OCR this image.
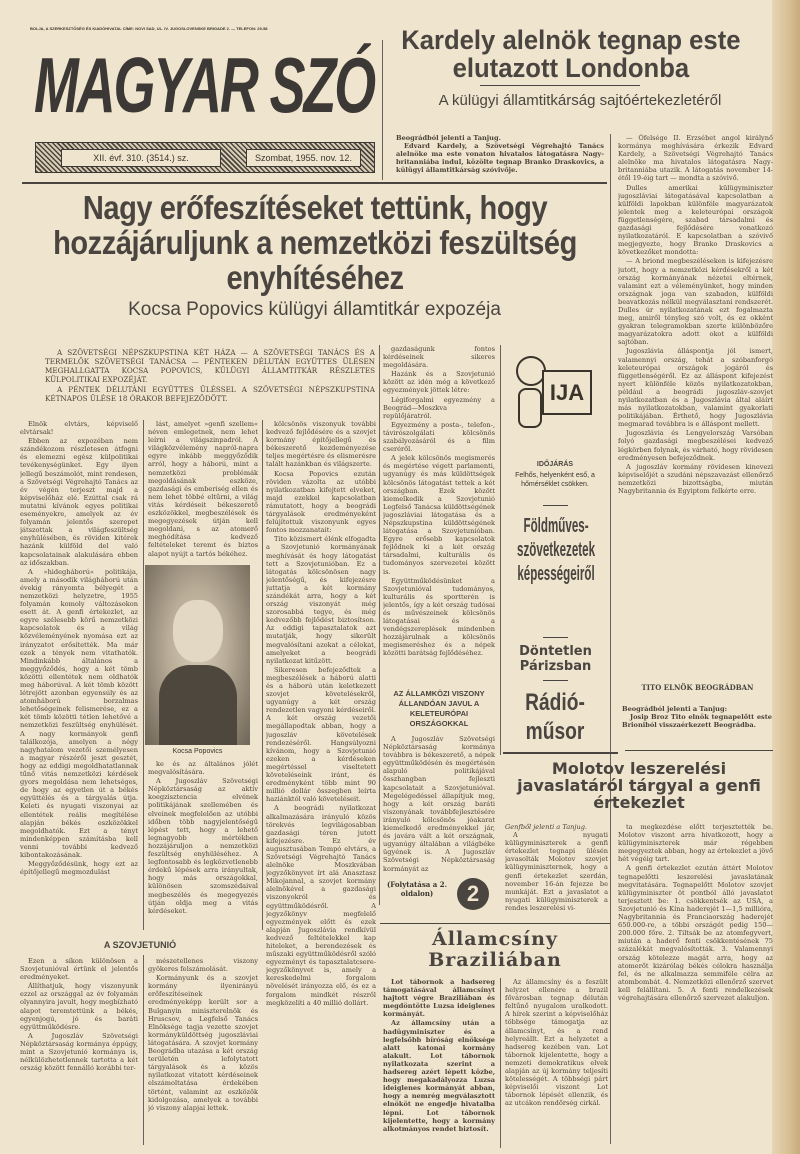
BOLJA, A SZERKESZTŐSÉG ÉS KIADÓHIVATAL CÍME: NOVI SAD, UL. IV. JUGOSLOVENSKE BRIGADE 2. — TELEFON: 29-58
MAGYAR SZÓ
XII. évf. 310. (3514.) sz.	Szombat, 1955. nov. 12.
Kardely alelnök tegnap este elutazott Londonba
A külügyi államtitkárság sajtóértekezletéről
Beográdból jelenti a Tanjug.

Edvard Kardely, a Szövetségi Végrehajtó Tanács alelnöke ma este vonaton hivatalos látogatásra Nagy-britanniába indul, közölte tegnap Branko Draskovics, a külügyi államtitkárság szóvivője.

— Őfelsége II. Erzsébet angol királynő kormánya meghívására érkezik Edvard Kardely, a Szövetségi Végrehajtó Tanács alelnöke ma hivatalos látogatásra Nagy-britanniába utazik. A látogatás november 14-étől 19-éig tart — mondta a szóvivő.

Dulles amerikai külügyminiszter jugoszláviai látogatásával kapcsolatban a külföldi lapokban különféle magyarázatok jelentek meg a keleteurópai országok függetlenségére, szabad társadalmi és gazdasági fejlődésére vonatkozó nyilatkozatáról. E kapcsolatban a szóvivő megjegyezte, hogy Branko Draskovics a következőket mondotta:

— A briond megbeszéléseken is kifejezésre jutott, hogy a nemzetközi kérdésekről a két ország kormányának nézetei eltérnek, valamint ezt a véleményünket, hogy minden országnak joga van szabadon, külföldi beavatkozás nélkül megválasztani rendszerét. Dulles úr nyilatkozatának ezt fogalmazta meg, amiről tényleg szó volt, és ez okként gyakran telegramokban szerte különbözőre magyarázatokra adott okot a külföldi sajtóban.

Jugoszlávia álláspontja jól ismert, valamennyi ország, tehát a szóbanforgó keleteurópai országok jogáról és függetlenségéről. Ez az álláspont kifejezést nyert különféle közös nyilatkozatokban, például a beográdi jugoszláv-szovjet nyilatkozatban és a Jugoszlávia által aláírt más nyilatkozatokban, valamint gyakorlati politikájában. Érthető, hogy Jugoszlávia megmarad továbbra is e álláspont mellett.

Jugoszlávia és Lengyelország Varsóban folyó gazdasági megbeszélései kedvező légkörben folynak, és várható, hogy rövidesen eredményesen befejeződnek.

A jugoszláv kormány rövidesen kinevezi képviselőjét a szudáni népszavazást ellenőrző nemzetközi bizottságba, miután Nagybritannia és Egyiptom felkérte erre.

Nagy erőfeszítéseket tettünk, hogy hozzájáruljunk a nemzetközi feszültség enyhítéséhez
Kocsa Popovics külügyi államtitkár expozéja

A SZÖVETSÉGI NÉPSZKUPSTINA KÉT HÁZA — A SZÖVETSÉGI TANÁCS ÉS A TERMELŐK SZÖVETSÉGI TANÁCSA — PÉNTEKEN DÉLUTÁN EGYÜTTES ÜLÉSEN MEGHALLGATTA KOCSA POPOVICS, KÜLÜGYI ÁLLAMTITKÁR RÉSZLETES KÜLPOLITIKAI EXPOZÉJÁT.

A PÉNTEK DÉLUTÁNI EGYÜTTES ÜLÉSSEL A SZÖVETSÉGI NÉPSZKUPSTINA KÉTNAPOS ÜLÉSE 18 ÓRAKOR BEFEJEZŐDÖTT.

Elnök elvtárs, képviselő elvtársak!

Ebben az expozéban nem szándékozom részletesen átfogni és elemezni egész külpolitikai tevékenységünket. Egy ilyen jellegű beszámolót, mint rendesen, a Szövetségi Végrehajtó Tanács az év végén terjeszt majd a képviselőház elé. Ezúttal csak rá mutatni kívánok egyes politikai eseményekre, amelyek az év folyamán jelentős szerepet játszottak a világfeszültség enyhülésében, és röviden kitérek hazánk külföld del való kapcsolatainak alakulására ebben az időszakban.

A »hidegháború« politikája, amely a második világháború után évekig rányomta bélyegét a nemzetközi helyzetre, 1955 folyamán komoly változásokon esett át. A genfi értekezlet, az egyre szélesebb körű nemzetközi kapcsolatok és a világ közvéleményének nyomása ezt az irányzatot erősítették. Ma már ezek a tények nem vitathatók. Mindinkább általános a meggyőződés, hogy a két tömb közötti ellentétek nem oldhatók meg háborúval. A két tömb között létrejött azonban egyensúly és az atomháború borzalmas lehetőségeinek felismerése, ez a két tömb közötti tétlen lehetővé a nemzetközi feszültség enyhülését. A nagy kormányok genfi találkozója, amelyen a négy nagyhatalom vezetői személyesen a magyar részéről jeszt gesztét, hogy az eddigi megoldhatatlannak tűnő vitás nemzetközi kérdések gyors megoldása nem lehetséges, de hogy az egyetlen út a békés együttélés és a tárgyalás útja. Keleti és nyugati viszonyai az ellentétek reális megítélése alapján békés eszközökkel megoldhatók. Ezt a tényt mindenképpen számításba kell venni további kedvező kibontakozásának.

Meggyőződésünk, hogy ezt az építőjellegű megmozdulást

lást, amelyet »genfi szellem« néven emlegetnek, nem lehet leírni a világszinpadról. A világközvélemény napról-napra egyre inkább meggyőződik arról, hogy a háború, mint a nemzetközi problémák megoldásának eszköze, gazdasági és emberiség ellen és nem lehet többé eltűrni, a világ vitás kérdéseit békeszerető eszközökkel, megbeszélések és megegyezések útján kell megoldani, s az atomerő meghódítása kedvező feltételeket teremt és biztos alapot nyújt a tartós békéhez.

Kocsa Popovics

ke és az általános jólét megvalósítására.

A Jugoszláv Szövetségi Népköztársaság az aktív koegzisztencia elvének politikájának szellemében és elveinek megfelelően az utóbbi időben több nagyjelentőségű lépést tett, hogy a lehető legnagyobb mértékben hozzájáruljon a nemzetközi feszültség enyhüléséhez. A legfontosabb és legközvetlenebb érdekű lépések arra irányultak, hogy más országokkal, különösen szomszédaival megbeszélés és megegyezés útján oldja meg a vitás kérdéseket.

kölcsönös viszonyuk további kedvező fejlődésére és a szovjet kormány építőjellegű és békeszerető kezdeményezése teljes megértésre és elismerésre talált hazánkban és világszerte.

Kocsa Popovics ezután röviden vázolta az utóbbi nyilatkozatban kifejtett elveket, majd ezekkel kapcsolatban rámutatott, hogy a beográdi tárgyalások eredményeként felújítottuk viszonyunk egyes fontos mozzanatait:

Tito közismert élénk elfogadta a Szovjetunió kormányának meghívását és hogy látogatást tett a Szovjetunióban. Ez a látogatás kölcsönösen nagy jelentőségű, és kifejezésre juttatja a két kormány szándékát arra, hogy a két ország viszonyát még szorosabbá tegye, és még kedvezőbb fejlődést biztosítson. Az eddigi tapasztalatok azt mutatják, hogy sikerült megvalósítani azokat a célokat, amelyeket a beográdi nyilatkozat kitűzött.

Sikeresen befejeződtek a megbeszélések a háború alatti és a háború után keletkezett szovjet követelésekről, ugyanúgy a két ország rendezetlen vagyoni kérdéseiről. A két ország vezetői megállapodtak abban, hogy a jugoszláv követelések rendezéséről. Hangsúlyozni kívánom, hogy a Szovjetunió ezeken a kérdéseken megértéssel viseltetett követeléseink iránt, és eredményként több mint 90 millió dollár összegben leírta haziánktól való követeléseit.

A beográdi nyilatkozat alkalmazására irányuló közös törekvés legvilágosabban gazdasági téren jutott kifejezésre. Ez év augusztusában Tempó elvtárs, a Szövetségi Végrehajtó Tanács alelnöke Moszkvában jegyzőkönyvet írt alá Anasztasz Mikojannal, a szovjet kormány alelnökével a gazdasági viszonyokról és együttműködésről. A jegyzőkönyv megfelelő egyezmények előtt és ezek alapján Jugoszlávia rendkívül kedvező feltételekkel kap hiteleket, a berendezések és műszaki együttműködésről szóló egyezményt és tapasztalatcsere-jegyzőkönyvet is, amely a kereskedelmi forgalom növelését irányozza elő, és ez a forgalom mindkét részről megközelíti a 40 millió dollárt.

gazdaságunk fontos kérdéseinek sikeres megoldására.

Hazánk és a Szovjetunió között az idén még a következő egyezmények jöttek létre:

Légiforgalmi egyezmény a Beográd—Moszkva repülőjáratról.

Egyezmény a posta-, telefon-, távirószolgálati kölcsönös szabályozásáról és a film cseréről.

A jelek kölcsönös megismerés és megértése végett parlamenti, ugyanúgy és más küldöttségek kölcsönös látogatást tettek a két országban. Ezek között kiemelkedik a Szovjetunió Legfelső Tanácsa küldöttségének jugoszláviai látogatása és a Népszkupstina küldöttségének látogatása a Szovjetunióban. Egyre erősebb kapcsolatok fejlődnek ki a két ország társadalmi, kulturális és tudományos szervezetei között is.

Együttműködésünket a Szovjetunióval tudományos, kulturális és sportterén is jelentős, így a két ország tudósai és művészeinek kölcsönös látogatásai és a vendégszereplések mindenben hozzájárulnak a kölcsönös megismeréshez és a népek közötti barátság fejlődéséhez.

AZ ÁLLAMKÖZI VISZONY ÁLLANDÓAN JAVUL A KELETEURÓPAI ORSZÁGOKKAL

A Jugoszláv Szövetségi Népköztársaság kormánya továbbra is békeszerető, a népek együttműködésén és megértésén alapuló politikájával összhangban fejleszti kapcsolatait a Szovjetunióval. Megelégedéssel állapítjuk meg, hogy a két ország baráti viszonyának továbbfejlesztésére irányuló kölcsönös jóakarat kiemelkedő eredményekkel jár, és javára vált a két országnak, ugyanúgy általában a világbéke ügyének is. A Jugoszláv Szövetségi Népköztársaság kormányát az

(Folytatása a 2. oldalon)	2
A SZOVJETUNIÓ

Ezen a síkon különösen a Szovjetunióval értünk el jelentős eredményeket.

Állíthatjuk, hogy viszonyunk ezzel az országgal az év folyamán olyannyira javult, hogy megbízható alapot teremtettünk a békés, egyenjogú, jó és baráti együttműködésre.

A Jugoszláv Szövetségi Népköztársaság kormánya éppúgy, mint a Szovjetunió kormánya is, nélkülözhetetlennek tartotta a két ország között fennálló korábbi ter-

mészetellenes viszony gyökeres felszámolását.

Kormányunk és a szovjet kormány ilyenirányú erőfeszítéseinek eredményeképp került sor a Bulganyin miniszterelnök és Hruscsov, a Legfelső Tanács Elnöksége tagja vezette szovjet kormányküldöttség jugoszláviai látogatására. A szovjet kormány Beográdba utazása a két ország területén lefolytatott tárgyalások és a közös nyilatkozat vitatott kérdéseinek elszámoltatása érdekében történt, valamint az eszközök kidolgozása, amelyek a további jó viszony alapjai lettek.

IJA
IDŐJÁRÁS
Felhős, helyenként eső, a hőmérséklet csökken.
Földműves-szövetkezetek képességeiről
Döntetlen Párizsban
Rádió-műsor
TITO ELNÖK BEOGRÁDBAN
Beográdból jelenti a Tanjug:

Josip Broz Tito elnök tegnapelőtt este Brioniból visszaérkezett Beográdba.

Molotov leszerelési javaslatáról tárgyal a genfi értekezlet
Genfből jelenti a Tanjug.

A nyugati külügyminiszterek a genfi értekezlet tegnapi ülésén javasolták Molotov szovjet külügyminiszternek, hogy a genfi értekezlet szerdán, november 16-án fejezze be munkáját. Ezt a javaslatot a nyugati külügyminiszterek a rendes leszerelési vi-

ta megkezdése előtt terjesztették be. Molotov viszont arra hivatkozott, hogy a külügyminiszterek már régebben megegyeztek abban, hogy az értekezlet a jövő hét végéig tart.

A genfi értekezlet ezután áttért Molotov tegnapelőtti leszerelési javaslatának megvitatására. Tegnapelőtt Molotov szovjet külügyminiszter öt pontból álló javaslatot terjesztett be: 1. csökkentsék az USA, a Szovjetunió és Kína haderejét 1—1,5 millióra, Nagybritannia és Franciaország haderejét 650.000-re, a többi országét pedig 150—200.000 főre. 2. Tiltsák be az atomfegyvert, miután a haderő fenti csökkentésének 75 százalékát megvalósították. 3. Valamennyi ország kötelezze magát arra, hogy az atomerőt kizárólag békés célokra használja fel, és ne alkalmazza semmiféle célra az atombombát. 4. Nemzetközi ellenőrző szervet kell felállítani. 5. A fenti rendelkezések végrehajtására ellenőrző szervezet alakuljon.

Államcsíny Braziliában

Lot tábornok a hadsereg támogatásával államcsínyt hajtott végre Braziliában és megdöntötte Luzsa ideiglenes kormányát.

Az államcsíny után a hadügyminiszter és a legfelsőbb bíróság elnöksége alatt katonai kormány alakult. Lot tábornok nyilatkozata szerint a hadsereg azért lépett közbe, hogy megakadályozza Luzsa ideiglenes kormányát abban, hogy a nemrég megválasztott elnököt ne engedje hivatalba lépni. Lot tábornok kijelentette, hogy a kormány alkotmányos rendet biztosít.

Az államcsíny és a feszült helyzet ellenére a brazil fővárosban tegnap délután feltűnő nyugalom uralkodott. A hírek szerint a képviselőház többsége támogatja az államcsínyt, és a rend helyreállt. Ezt a helyzetet a hadsereg kezében van. Lot tábornok kijelentette, hogy a nemzeti demokratikus elvek alapján az új kormány teljesíti kötelességét. A többségi párt képviselői viszont Lot tábornok lépését ellenzik, és az utcákon rendőrség cirkál.
